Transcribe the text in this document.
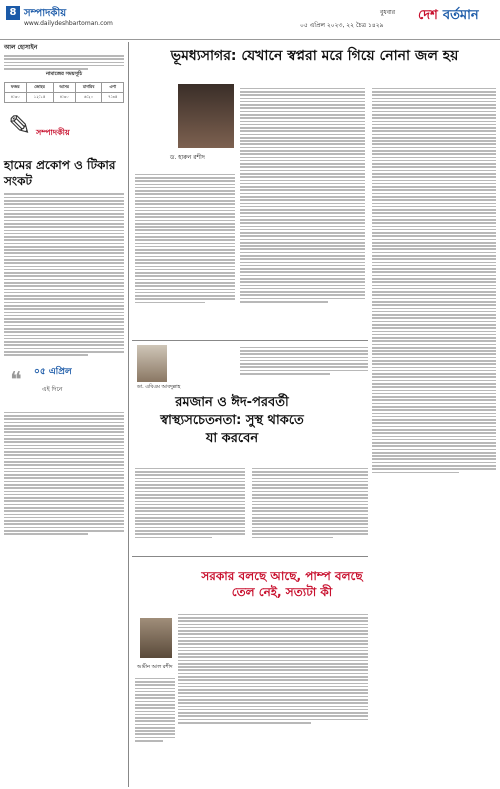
8 সম্পাদকীয়
www.dailydeshbartoman.com
বুধবার
০৫ এপ্রিল ২০২৩, ২২ চৈত্র ১৪২৯
দেশ বর্তমান
আল হোসাইন
নামাজের সময়সূচি
ফজর	জোহর	আসর	মাগরিব	এশা
৪:৩০	১২:১৫	৪:৩০	৬:২০	৭:৩৫
✎ সম্পাদকীয়
হামের প্রকোপ ও টিকার সংকট
❝ ০৫ এপ্রিল
এই দিনে
ভূমধ্যসাগর: যেখানে স্বপ্নরা মরে গিয়ে নোনা জল হয়
ড. হারুন রশীদ
ডা. এবিএম আবদুল্লাহ
রমজান ও ঈদ-পরবর্তী স্বাস্থ্যসচেতনতা: সুস্থ থাকতে যা করবেন
সরকার বলছে আছে, পাম্প বলছে তেল নেই, সত্যটা কী
আমীন আল রশীদ
